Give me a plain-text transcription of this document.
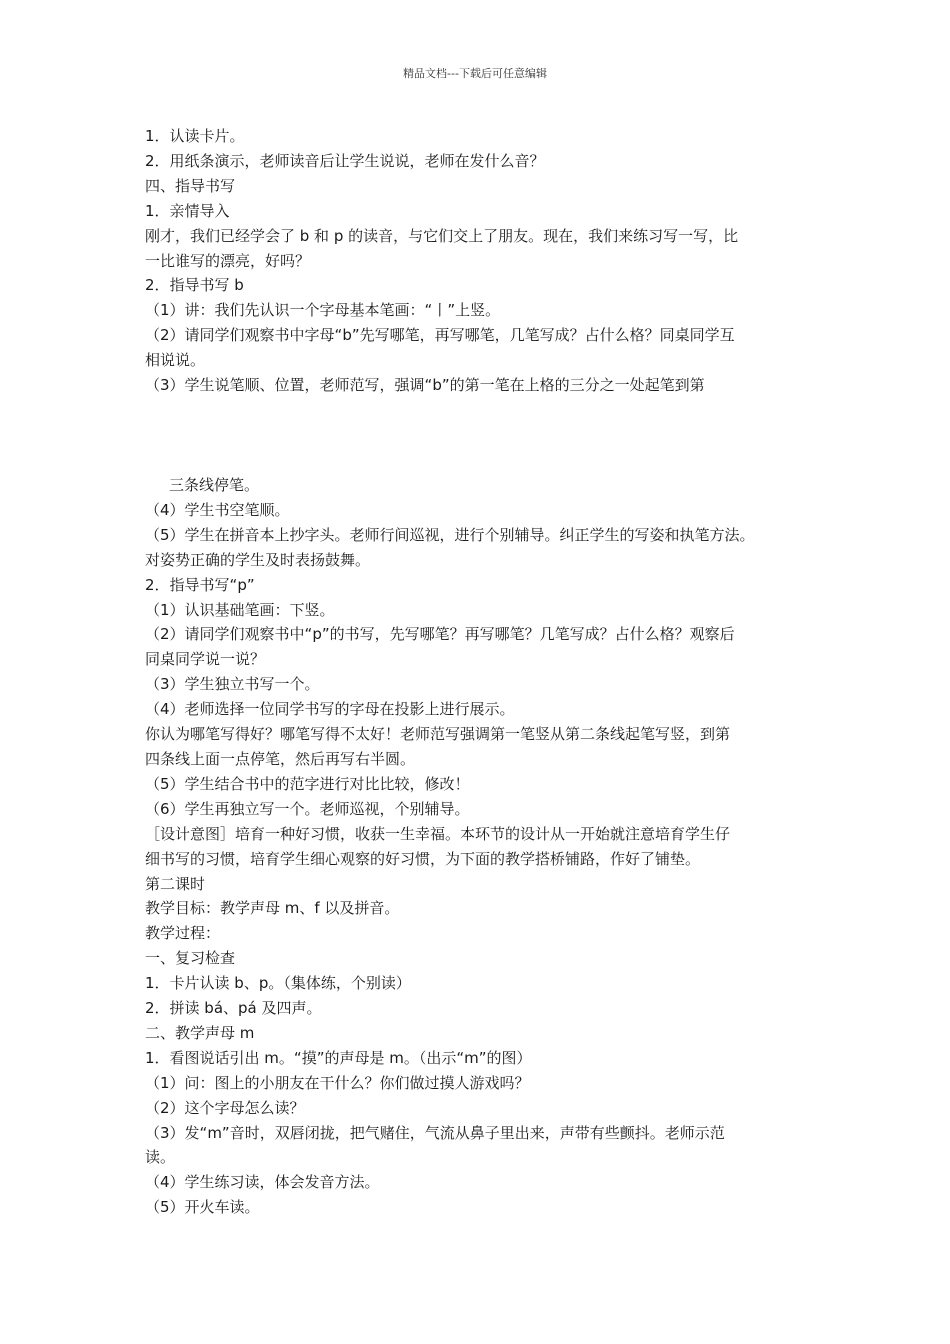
精品文档---下载后可任意编辑

1．认读卡片。

2．用纸条演示，老师读音后让学生说说，老师在发什么音？

四、指导书写

1．亲情导入

刚才，我们已经学会了 b 和 p 的读音，与它们交上了朋友。现在，我们来练习写一写，比

一比谁写的漂亮，好吗？

2．指导书写 b

（1）讲：我们先认识一个字母基本笔画：“丨”上竖。

（2）请同学们观察书中字母“b”先写哪笔，再写哪笔，几笔写成？占什么格？同桌同学互

相说说。

（3）学生说笔顺、位置，老师范写，强调“b”的第一笔在上格的三分之一处起笔到第

三条线停笔。

（4）学生书空笔顺。

（5）学生在拼音本上抄字头。老师行间巡视，进行个别辅导。纠正学生的写姿和执笔方法。

对姿势正确的学生及时表扬鼓舞。

2．指导书写“p”

（1）认识基础笔画：下竖。

（2）请同学们观察书中“p”的书写，先写哪笔？再写哪笔？几笔写成？占什么格？观察后

同桌同学说一说？

（3）学生独立书写一个。

（4）老师选择一位同学书写的字母在投影上进行展示。

你认为哪笔写得好？哪笔写得不太好！老师范写强调第一笔竖从第二条线起笔写竖，到第

四条线上面一点停笔，然后再写右半圆。

（5）学生结合书中的范字进行对比比较，修改！

（6）学生再独立写一个。老师巡视，个别辅导。

［设计意图］培育一种好习惯，收获一生幸福。本环节的设计从一开始就注意培育学生仔

细书写的习惯，培育学生细心观察的好习惯，为下面的教学搭桥铺路，作好了铺垫。

第二课时

教学目标：教学声母 m、f 以及拼音。

教学过程：

一、复习检查

1．卡片认读 b、p。（集体练，个别读）

2．拼读 bá、pá 及四声。

二、教学声母 m

1．看图说话引出 m。“摸”的声母是 m。（出示“m”的图）

（1）问：图上的小朋友在干什么？你们做过摸人游戏吗？

（2）这个字母怎么读？

（3）发“m”音时，双唇闭拢，把气赌住，气流从鼻子里出来，声带有些颤抖。老师示范

读。

（4）学生练习读，体会发音方法。

（5）开火车读。
